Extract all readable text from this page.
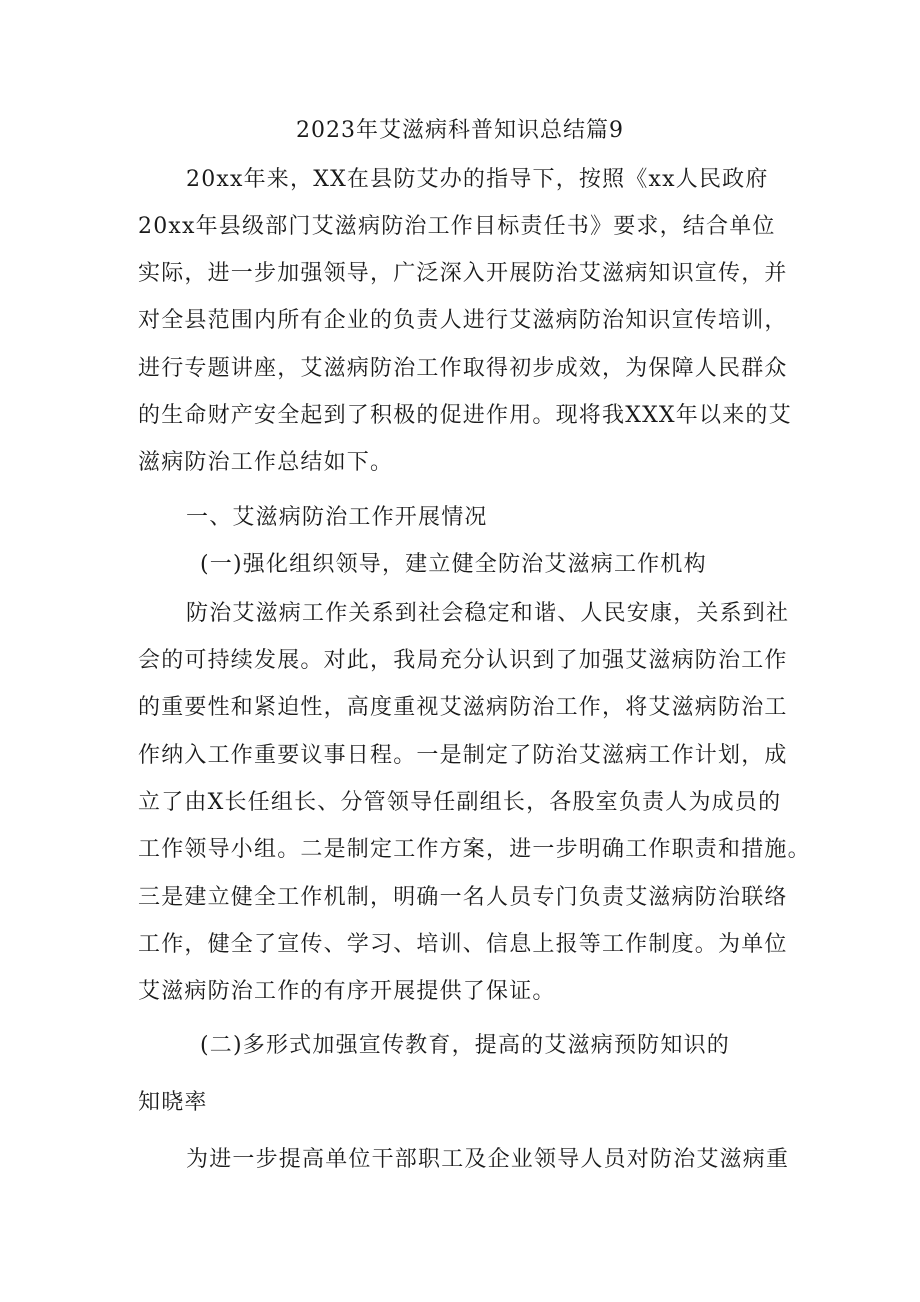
2023年艾滋病科普知识总结篇9
20xx年来，XX在县防艾办的指导下，按照《xx人民政府
20xx年县级部门艾滋病防治工作目标责任书》要求，结合单位
实际，进一步加强领导，广泛深入开展防治艾滋病知识宣传，并
对全县范围内所有企业的负责人进行艾滋病防治知识宣传培训，
进行专题讲座，艾滋病防治工作取得初步成效，为保障人民群众
的生命财产安全起到了积极的促进作用。现将我XXX年以来的艾
滋病防治工作总结如下。
一、艾滋病防治工作开展情况
(一)强化组织领导，建立健全防治艾滋病工作机构
防治艾滋病工作关系到社会稳定和谐、人民安康，关系到社
会的可持续发展。对此，我局充分认识到了加强艾滋病防治工作
的重要性和紧迫性，高度重视艾滋病防治工作，将艾滋病防治工
作纳入工作重要议事日程。一是制定了防治艾滋病工作计划，成
立了由X长任组长、分管领导任副组长，各股室负责人为成员的
工作领导小组。二是制定工作方案，进一步明确工作职责和措施。
三是建立健全工作机制，明确一名人员专门负责艾滋病防治联络
工作，健全了宣传、学习、培训、信息上报等工作制度。为单位
艾滋病防治工作的有序开展提供了保证。
(二)多形式加强宣传教育，提高的艾滋病预防知识的
知晓率
为进一步提高单位干部职工及企业领导人员对防治艾滋病重
